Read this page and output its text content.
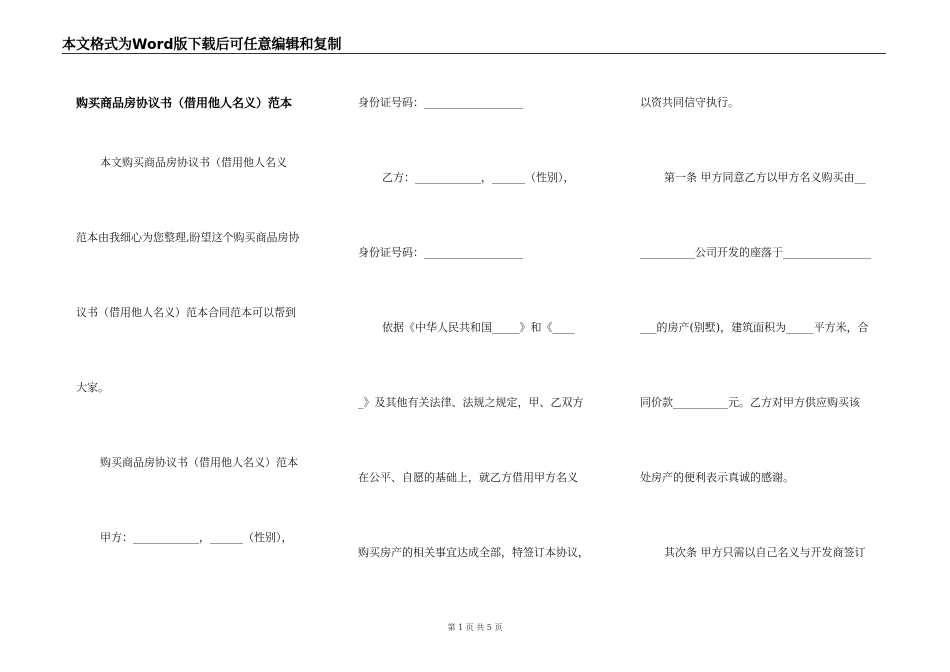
本文格式为Word版下载后可任意编辑和复制
购买商品房协议书（借用他人名义）范本
本文购买商品房协议书（借用他人名义
范本由我细心为您整理,盼望这个购买商品房协
议书（借用他人名义）范本合同范本可以帮到
大家。
购买商品房协议书（借用他人名义）范本
甲方：____________，______（性别），
身份证号码：__________________
乙方：____________，______（性别），
身份证号码：__________________
依据《中华人民共和国_____》和《____
_》及其他有关法律、法规之规定，甲、乙双方
在公平、自愿的基础上，就乙方借用甲方名义
购买房产的相关事宜达成全部，特签订本协议，
以资共同信守执行。
第一条 甲方同意乙方以甲方名义购买由__
__________公司开发的座落于________________
___的房产(别墅)，建筑面积为_____平方米，合
同价款__________元。乙方对甲方供应购买该
处房产的便利表示真诚的感谢。
其次条 甲方只需以自己名义与开发商签订
第 1 页 共 5 页
